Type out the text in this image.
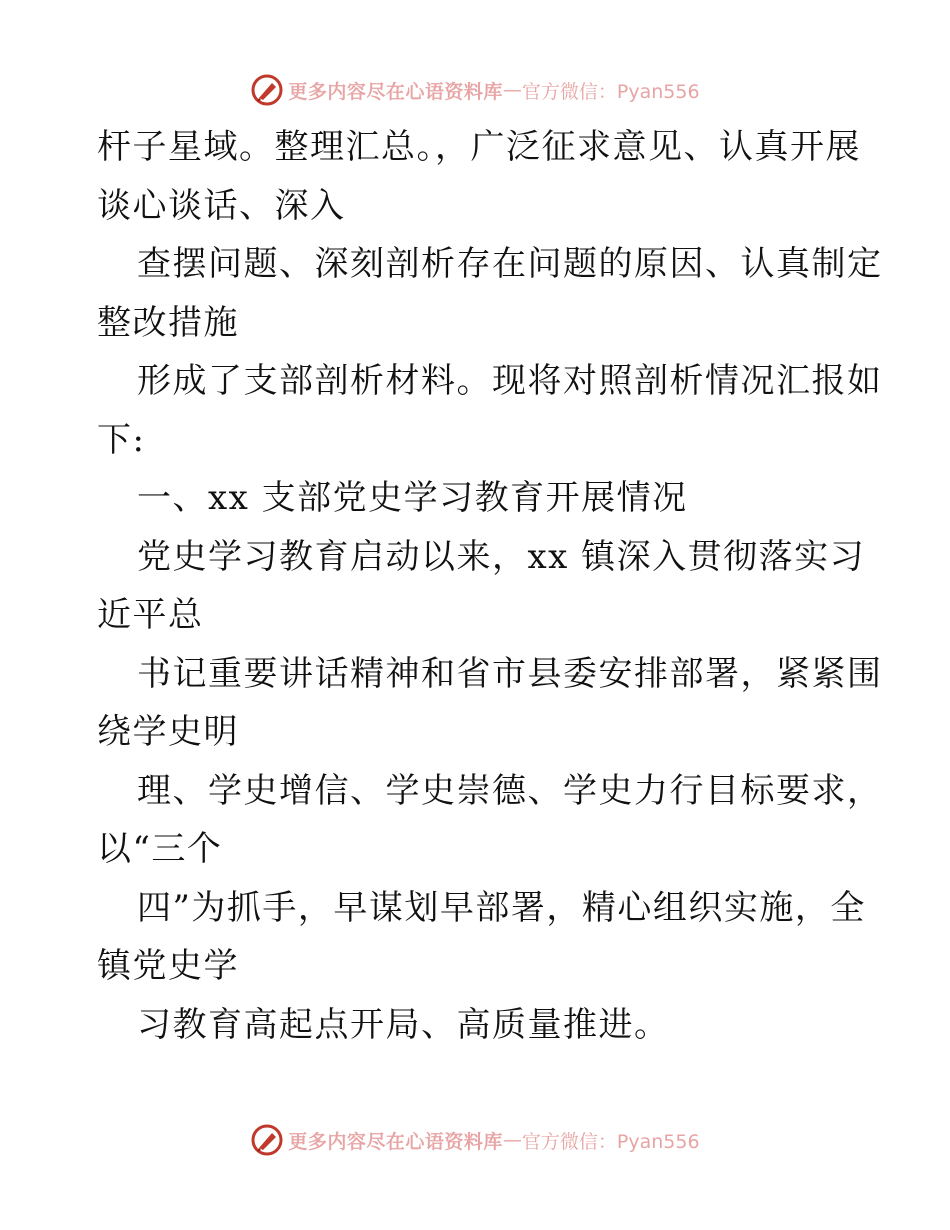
更多内容尽在心语资料库 — 官方微信：Pyan556
杆子星域。整理汇总。，广泛征求意见、认真开展
谈心谈话、深入
查摆问题、深刻剖析存在问题的原因、认真制定
整改措施
形成了支部剖析材料。现将对照剖析情况汇报如
下:
一、xx 支部党史学习教育开展情况
党史学习教育启动以来，xx 镇深入贯彻落实习
近平总
书记重要讲话精神和省市县委安排部署，紧紧围
绕学史明
理、学史增信、学史崇德、学史力行目标要求，
以“三个
四”为抓手，早谋划早部署，精心组织实施，全
镇党史学
习教育高起点开局、高质量推进。
更多内容尽在心语资料库 — 官方微信：Pyan556
